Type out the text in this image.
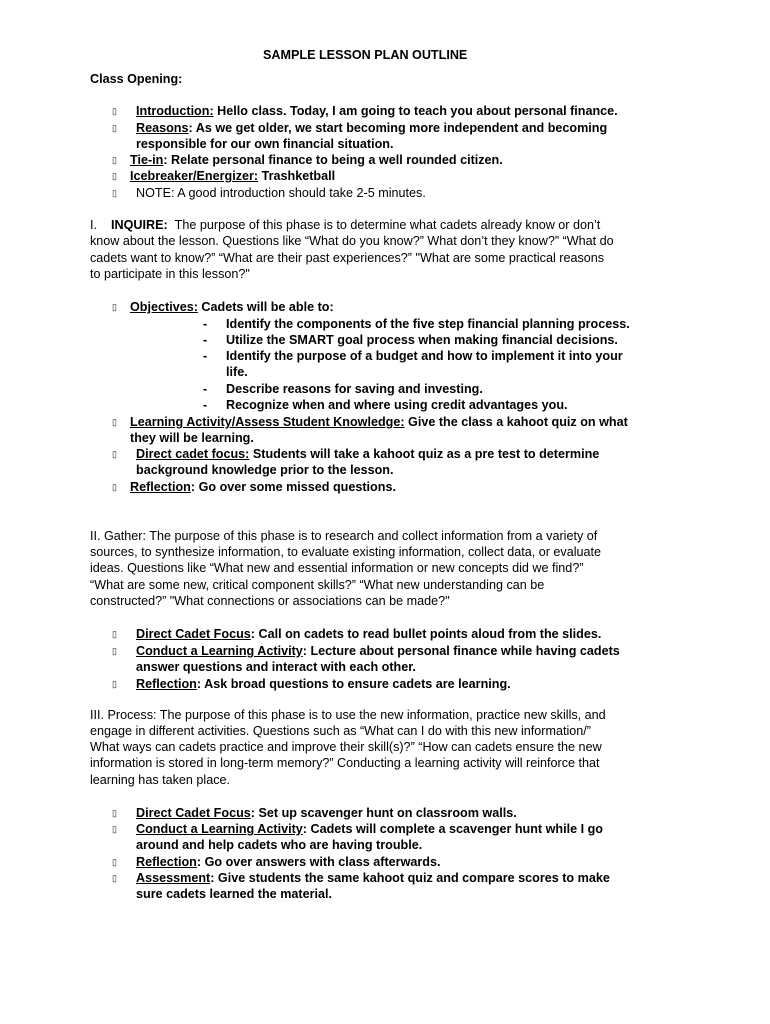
SAMPLE LESSON PLAN OUTLINE
Class Opening:
▯
Introduction: Hello class. Today, I am going to teach you about personal finance.
▯
Reasons: As we get older, we start becoming more independent and becoming
responsible for our own financial situation.
▯
Tie-in: Relate personal finance to being a well rounded citizen.
▯
Icebreaker/Energizer: Trashketball
▯
NOTE: A good introduction should take 2-5 minutes.
I. INQUIRE: The purpose of this phase is to determine what cadets already know or don’t
know about the lesson. Questions like “What do you know?” What don’t they know?” “What do
cadets want to know?” “What are their past experiences?” "What are some practical reasons
to participate in this lesson?"
▯
Objectives: Cadets will be able to:
- Identify the components of the five step financial planning process.
- Utilize the SMART goal process when making financial decisions.
- Identify the purpose of a budget and how to implement it into your
life.
- Describe reasons for saving and investing.
- Recognize when and where using credit advantages you.
▯
Learning Activity/Assess Student Knowledge: Give the class a kahoot quiz on what
they will be learning.
▯
Direct cadet focus: Students will take a kahoot quiz as a pre test to determine
background knowledge prior to the lesson.
▯
Reflection: Go over some missed questions.
II. Gather: The purpose of this phase is to research and collect information from a variety of
sources, to synthesize information, to evaluate existing information, collect data, or evaluate
ideas. Questions like “What new and essential information or new concepts did we find?”
“What are some new, critical component skills?” “What new understanding can be
constructed?” "What connections or associations can be made?"
▯
Direct Cadet Focus: Call on cadets to read bullet points aloud from the slides.
▯
Conduct a Learning Activity: Lecture about personal finance while having cadets
answer questions and interact with each other.
▯
Reflection: Ask broad questions to ensure cadets are learning.
III. Process: The purpose of this phase is to use the new information, practice new skills, and
engage in different activities. Questions such as “What can I do with this new information/”
What ways can cadets practice and improve their skill(s)?” “How can cadets ensure the new
information is stored in long-term memory?” Conducting a learning activity will reinforce that
learning has taken place.
▯
Direct Cadet Focus: Set up scavenger hunt on classroom walls.
▯
Conduct a Learning Activity: Cadets will complete a scavenger hunt while I go
around and help cadets who are having trouble.
▯
Reflection: Go over answers with class afterwards.
▯
Assessment: Give students the same kahoot quiz and compare scores to make
sure cadets learned the material.
